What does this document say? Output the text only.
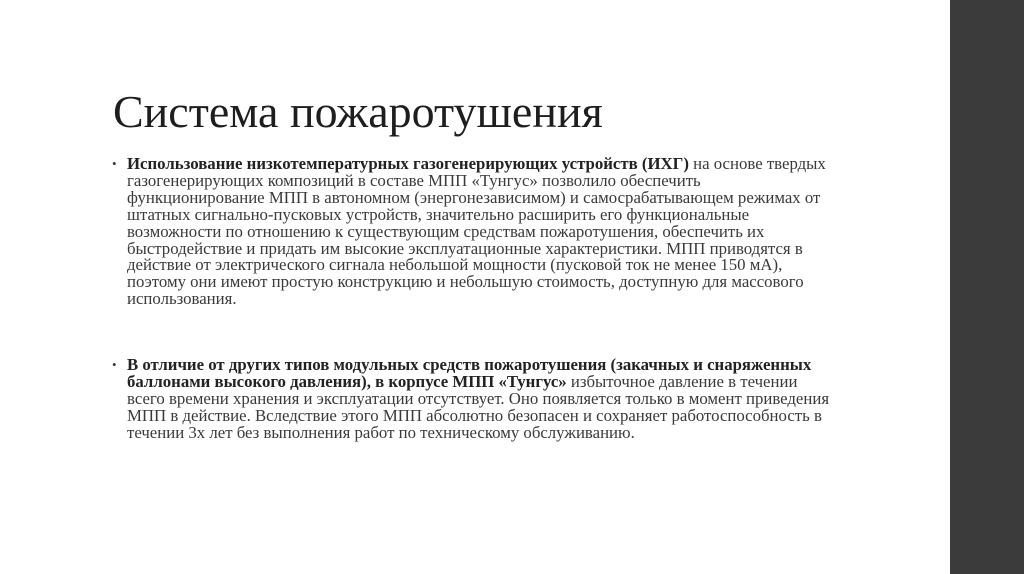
Система пожаротушения
• Использование низкотемпературных газогенерирующих устройств (ИХГ) на основе твердых газогенерирующих композиций в составе МПП «Тунгус» позволило обеспечить функционирование МПП в автономном (энергонезависимом) и самосрабатывающем режимах от штатных сигнально-пусковых устройств, значительно расширить его функциональные возможности по отношению к существующим средствам пожаротушения, обеспечить их быстродействие и придать им высокие эксплуатационные характеристики. МПП приводятся в действие от электрического сигнала небольшой мощности (пусковой ток не менее 150 мА), поэтому они имеют простую конструкцию и небольшую стоимость, доступную для массового использования.
• В отличие от других типов модульных средств пожаротушения (закачных и снаряженных баллонами высокого давления), в корпусе МПП «Тунгус» избыточное давление в течении всего времени хранения и эксплуатации отсутствует. Оно появляется только в момент приведения МПП в действие. Вследствие этого МПП абсолютно безопасен и сохраняет работоспособность в течении 3х лет без выполнения работ по техническому обслуживанию.
